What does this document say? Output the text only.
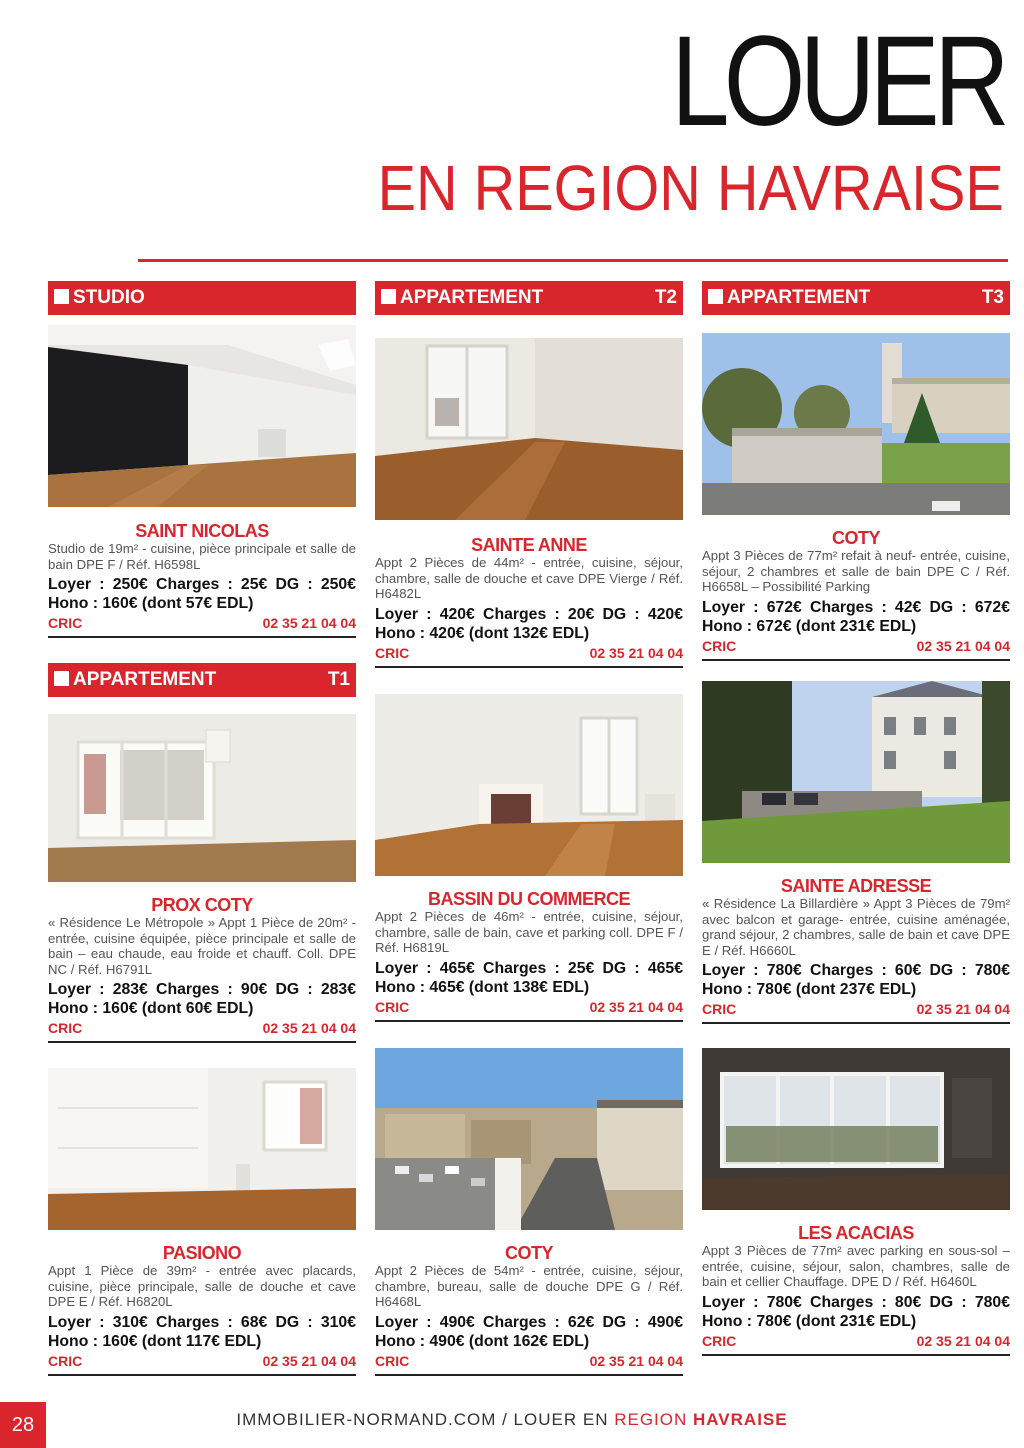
LOUER
EN REGION HAVRAISE
STUDIO	APPARTEMENT	T2	APPARTEMENT	T3
APPARTEMENT	T1

SAINT NICOLAS

Studio de 19m² - cuisine, pièce principale et salle de bain DPE F / Réf. H6598L

Loyer : 250€ Charges : 25€ DG : 250€

Hono : 160€ (dont 57€ EDL)

CRIC	02 35 21 04 04

SAINTE ANNE

Appt 2 Pièces de 44m² - entrée, cuisine, séjour, chambre, salle de douche et cave DPE Vierge / Réf. H6482L

Loyer : 420€ Charges : 20€ DG : 420€

Hono : 420€ (dont 132€ EDL)

CRIC	02 35 21 04 04

COTY

Appt 3 Pièces de 77m² refait à neuf- entrée, cuisine, séjour, 2 chambres et salle de bain DPE C / Réf. H6658L – Possibilité Parking

Loyer : 672€ Charges : 42€ DG : 672€

Hono : 672€ (dont 231€ EDL)

CRIC	02 35 21 04 04

PROX COTY

« Résidence Le Métropole » Appt 1 Pièce de 20m² - entrée, cuisine équipée, pièce principale et salle de bain – eau chaude, eau froide et chauff. Coll. DPE NC / Réf. H6791L

Loyer : 283€ Charges : 90€ DG : 283€

Hono : 160€ (dont 60€ EDL)

CRIC	02 35 21 04 04

BASSIN DU COMMERCE

Appt 2 Pièces de 46m² - entrée, cuisine, séjour, chambre, salle de bain, cave et parking coll. DPE F / Réf. H6819L

Loyer : 465€ Charges : 25€ DG : 465€

Hono : 465€ (dont 138€ EDL)

CRIC	02 35 21 04 04

SAINTE ADRESSE

« Résidence La Billardière » Appt 3 Pièces de 79m² avec balcon et garage- entrée, cuisine aménagée, grand séjour, 2 chambres, salle de bain et cave DPE E / Réf. H6660L

Loyer : 780€ Charges : 60€ DG : 780€

Hono : 780€ (dont 237€ EDL)

CRIC	02 35 21 04 04

PASIONO

Appt 1 Pièce de 39m² - entrée avec placards, cuisine, pièce principale, salle de douche et cave DPE E / Réf. H6820L

Loyer : 310€ Charges : 68€ DG : 310€

Hono : 160€ (dont 117€ EDL)

CRIC	02 35 21 04 04

COTY

Appt 2 Pièces de 54m² - entrée, cuisine, séjour, chambre, bureau, salle de douche DPE G / Réf. H6468L

Loyer : 490€ Charges : 62€ DG : 490€

Hono : 490€ (dont 162€ EDL)

CRIC	02 35 21 04 04

LES ACACIAS

Appt 3 Pièces de 77m² avec parking en sous-sol – entrée, cuisine, séjour, salon, chambres, salle de bain et cellier Chauffage. DPE D / Réf. H6460L

Loyer : 780€ Charges : 80€ DG : 780€

Hono : 780€ (dont 231€ EDL)

CRIC	02 35 21 04 04
28	IMMOBILIER-NORMAND.COM / LOUER EN REGION HAVRAISE
